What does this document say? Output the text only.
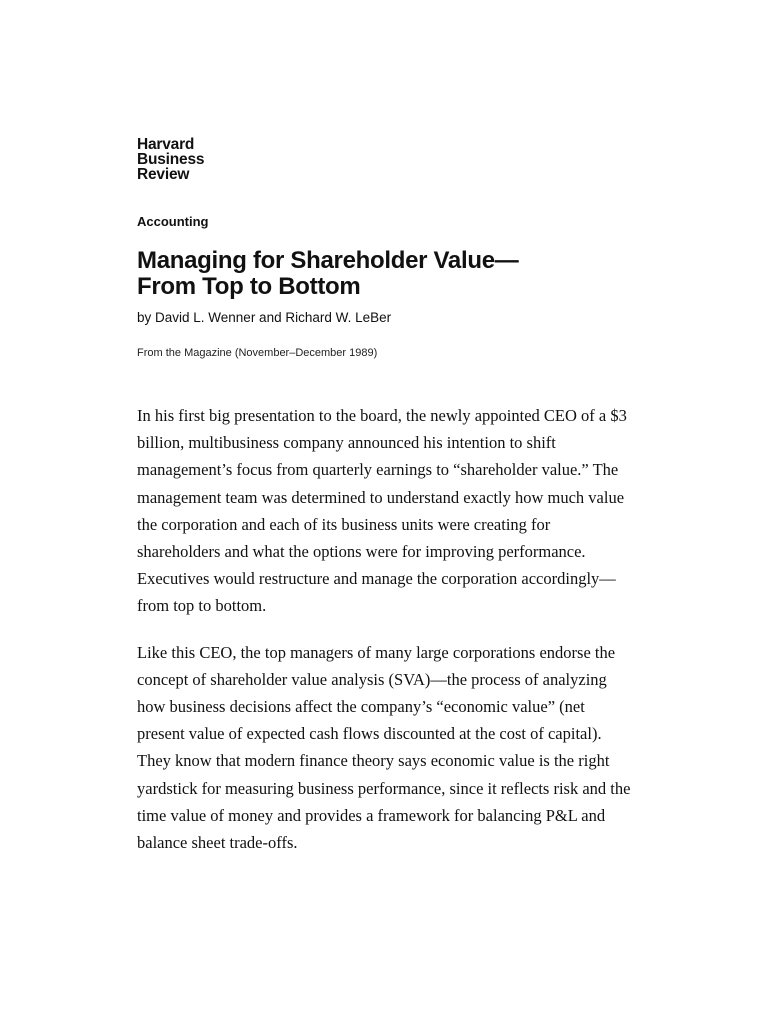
Harvard
Business
Review
Accounting
Managing for Shareholder Value—From Top to Bottom
by David L. Wenner and Richard W. LeBer
From the Magazine (November–December 1989)

In his first big presentation to the board, the newly appointed CEO of a $3 billion, multibusiness company announced his intention to shift management’s focus from quarterly earnings to “shareholder value.” The management team was determined to understand exactly how much value the corporation and each of its business units were creating for shareholders and what the options were for improving performance. Executives would restructure and manage the corporation accordingly—from top to bottom.

Like this CEO, the top managers of many large corporations endorse the concept of shareholder value analysis (SVA)—the process of analyzing how business decisions affect the company’s “economic value” (net present value of expected cash flows discounted at the cost of capital). They know that modern finance theory says economic value is the right yardstick for measuring business performance, since it reflects risk and the time value of money and provides a framework for balancing P&L and balance sheet trade-offs.
